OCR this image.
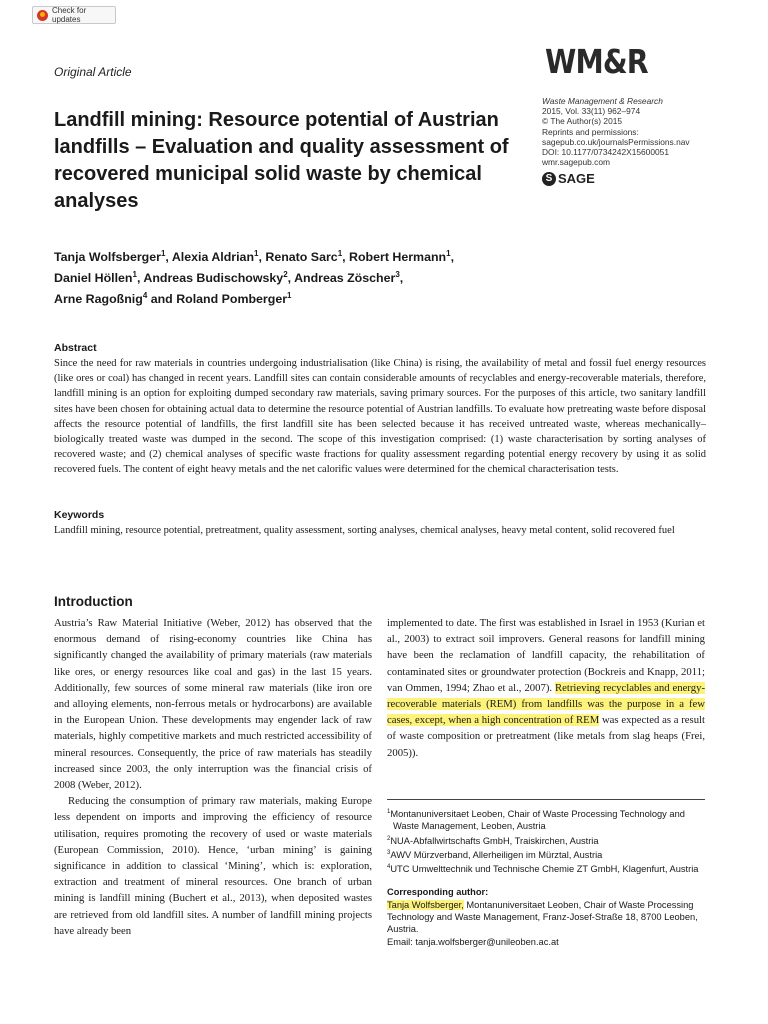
Check for updates
Original Article	WM&R
Waste Management & Research
2015, Vol. 33(11) 962–974
© The Author(s) 2015
Reprints and permissions:
sagepub.co.uk/journalsPermissions.nav
DOI: 10.1177/0734242X15600051
wmr.sagepub.com
S SAGE
Landfill mining: Resource potential of Austrian landfills – Evaluation and quality assessment of recovered municipal solid waste by chemical analyses
Tanja Wolfsberger$^1$, Alexia Aldrian$^1$, Renato Sarc$^1$, Robert Hermann$^1$,
Daniel Höllen$^1$, Andreas Budischowsky$^2$, Andreas Zöscher$^3$,
Arne Ragoßnig$^4$ and Roland Pomberger$^1$
Abstract
Since the need for raw materials in countries undergoing industrialisation (like China) is rising, the availability of metal and fossil fuel energy resources (like ores or coal) has changed in recent years. Landfill sites can contain considerable amounts of recyclables and energy-recoverable materials, therefore, landfill mining is an option for exploiting dumped secondary raw materials, saving primary sources. For the purposes of this article, two sanitary landfill sites have been chosen for obtaining actual data to determine the resource potential of Austrian landfills. To evaluate how pretreating waste before disposal affects the resource potential of landfills, the first landfill site has been selected because it has received untreated waste, whereas mechanically–biologically treated waste was dumped in the second. The scope of this investigation comprised: (1) waste characterisation by sorting analyses of recovered waste; and (2) chemical analyses of specific waste fractions for quality assessment regarding potential energy recovery by using it as solid recovered fuels. The content of eight heavy metals and the net calorific values were determined for the chemical characterisation tests.
Keywords
Landfill mining, resource potential, pretreatment, quality assessment, sorting analyses, chemical analyses, heavy metal content, solid recovered fuel
Introduction

Austria’s Raw Material Initiative (Weber, 2012) has observed that the enormous demand of rising-economy countries like China has significantly changed the availability of primary materials (raw materials like ores, or energy resources like coal and gas) in the last 15 years. Additionally, few sources of some mineral raw materials (like iron ore and alloying elements, non-ferrous metals or hydrocarbons) are available in the European Union. These developments may engender lack of raw materials, highly competitive markets and much restricted accessibility of mineral resources. Consequently, the price of raw materials has steadily increased since 2003, the only interruption was the financial crisis of 2008 (Weber, 2012).

Reducing the consumption of primary raw materials, making Europe less dependent on imports and improving the efficiency of resource utilisation, requires promoting the recovery of used or waste materials (European Commission, 2010). Hence, ‘urban mining’ is gaining significance in addition to classical ‘Mining’, which is: exploration, extraction and treatment of mineral resources. One branch of urban mining is landfill mining (Buchert et al., 2013), when deposited wastes are retrieved from old landfill sites. A number of landfill mining projects have already been

implemented to date. The first was established in Israel in 1953 (Kurian et al., 2003) to extract soil improvers. General reasons for landfill mining have been the reclamation of landfill capacity, the rehabilitation of contaminated sites or groundwater protection (Bockreis and Knapp, 2011; van Ommen, 1994; Zhao et al., 2007). Retrieving recyclables and energy-recoverable materials (REM) from landfills was the purpose in a few cases, except, when a high concentration of REM was expected as a result of waste composition or pretreatment (like metals from slag heaps (Frei, 2005)).
$^1$Montanuniversitaet Leoben, Chair of Waste Processing Technology and Waste Management, Leoben, Austria
$^2$NUA-Abfallwirtschafts GmbH, Traiskirchen, Austria
$^3$AWV Mürzverband, Allerheiligen im Mürztal, Austria
$^4$UTC Umwelttechnik und Technische Chemie ZT GmbH, Klagenfurt, Austria
Corresponding author:
Tanja Wolfsberger, Montanuniversitaet Leoben, Chair of Waste Processing Technology and Waste Management, Franz-Josef-Straße 18, 8700 Leoben, Austria.
Email: tanja.wolfsberger@unileoben.ac.at
